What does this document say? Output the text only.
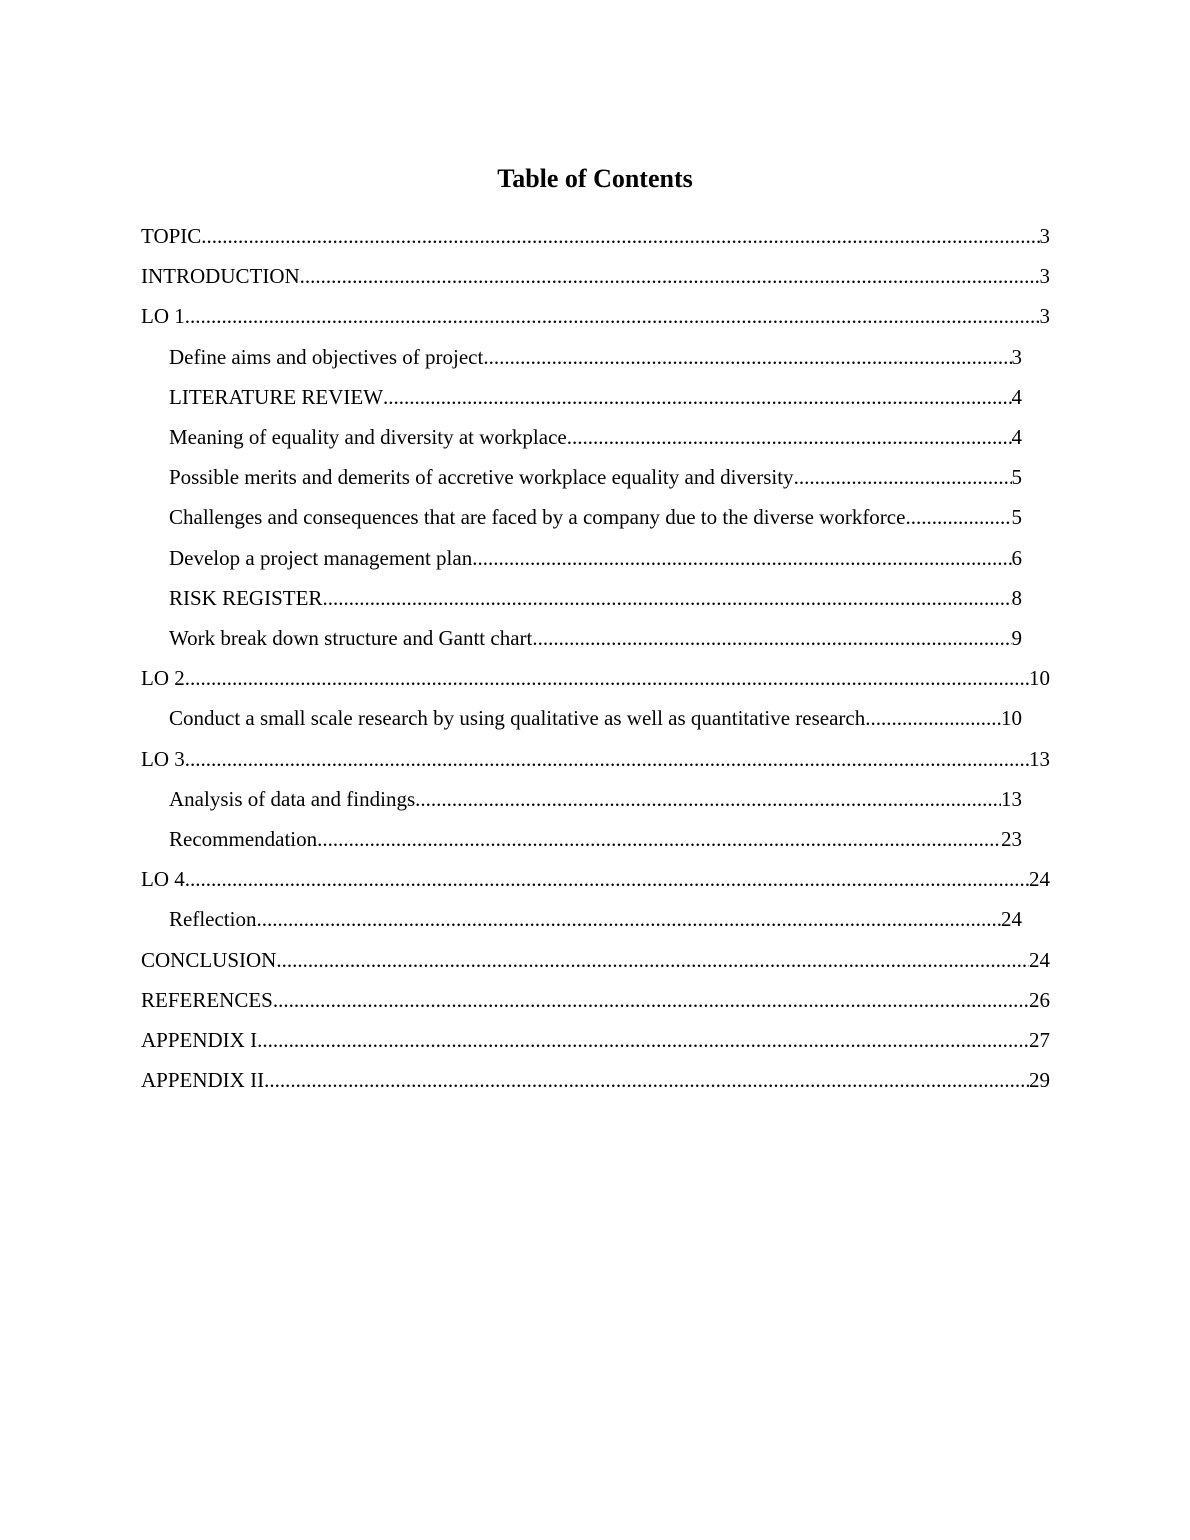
Table of Contents
TOPIC .....	3
INTRODUCTION .....	3
LO 1 .....	3
Define aims and objectives of project .....	3
LITERATURE REVIEW .....	4
Meaning of equality and diversity at workplace .....	4
Possible merits and demerits of accretive workplace equality and diversity .....	5
Challenges and consequences that are faced by a company due to the diverse workforce .....	5
Develop a project management plan .....	6
RISK REGISTER .....	8
Work break down structure and Gantt chart .....	9
LO 2 .....	10
Conduct a small scale research by using qualitative as well as quantitative research. .....	10
LO 3 .....	13
Analysis of data and findings .....	13
Recommendation .....	23
LO 4 .....	24
Reflection .....	24
CONCLUSION .....	24
REFERENCES .....	26
APPENDIX I .....	27
APPENDIX II .....	29
